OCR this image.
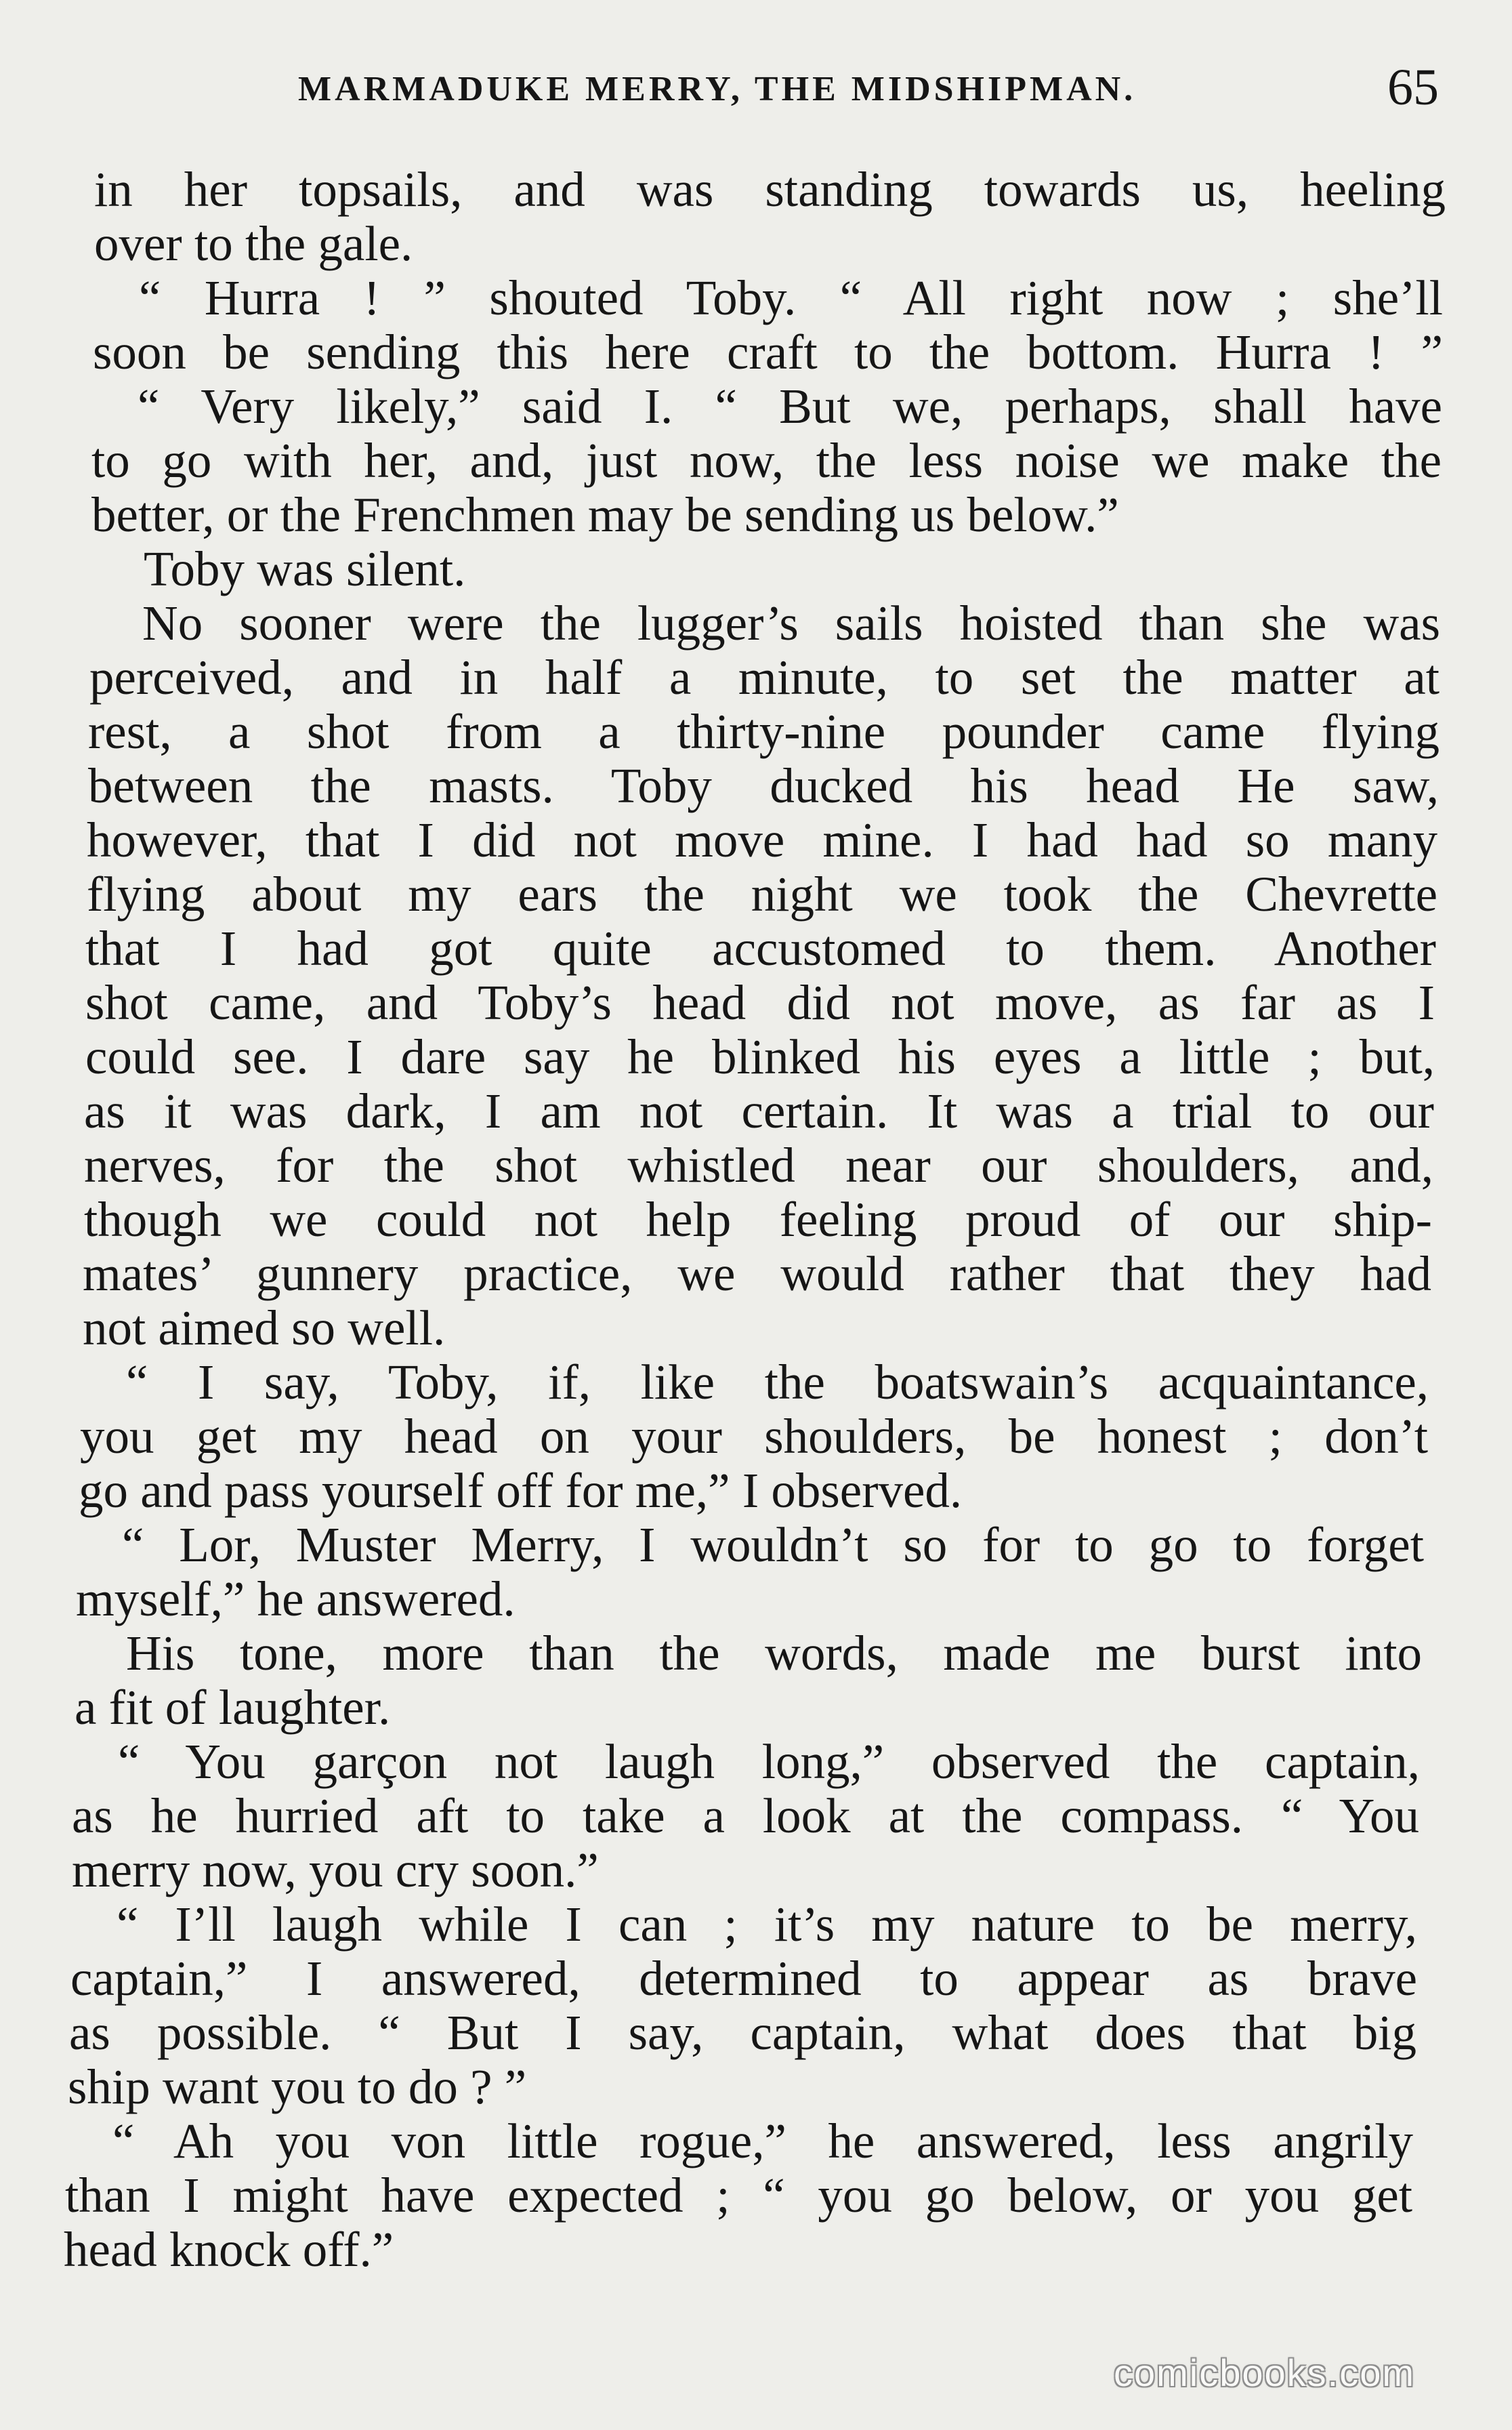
MARMADUKE MERRY, THE MIDSHIPMAN.	65
in her topsails, and was standing towards us, heeling
over to the gale.
“ Hurra ! ” shouted Toby. “ All right now ; she’ll
soon be sending this here craft to the bottom. Hurra ! ”
“ Very likely,” said I. “ But we, perhaps, shall have
to go with her, and, just now, the less noise we make the
better, or the Frenchmen may be sending us below.”
Toby was silent.
No sooner were the lugger’s sails hoisted than she was
perceived, and in half a minute, to set the matter at
rest, a shot from a thirty-nine pounder came flying
between the masts. Toby ducked his head He saw,
however, that I did not move mine. I had had so many
flying about my ears the night we took the Chevrette
that I had got quite accustomed to them. Another
shot came, and Toby’s head did not move, as far as I
could see. I dare say he blinked his eyes a little ; but,
as it was dark, I am not certain. It was a trial to our
nerves, for the shot whistled near our shoulders, and,
though we could not help feeling proud of our ship-
mates’ gunnery practice, we would rather that they had
not aimed so well.
“ I say, Toby, if, like the boatswain’s acquaintance,
you get my head on your shoulders, be honest ; don’t
go and pass yourself off for me,” I observed.
“ Lor, Muster Merry, I wouldn’t so for to go to forget
myself,” he answered.
His tone, more than the words, made me burst into
a fit of laughter.
“ You garçon not laugh long,” observed the captain,
as he hurried aft to take a look at the compass. “ You
merry now, you cry soon.”
“ I’ll laugh while I can ; it’s my nature to be merry,
captain,” I answered, determined to appear as brave
as possible. “ But I say, captain, what does that big
ship want you to do ? ”
“ Ah you von little rogue,” he answered, less angrily
than I might have expected ; “ you go below, or you get
head knock off.”
comicbooks.com
